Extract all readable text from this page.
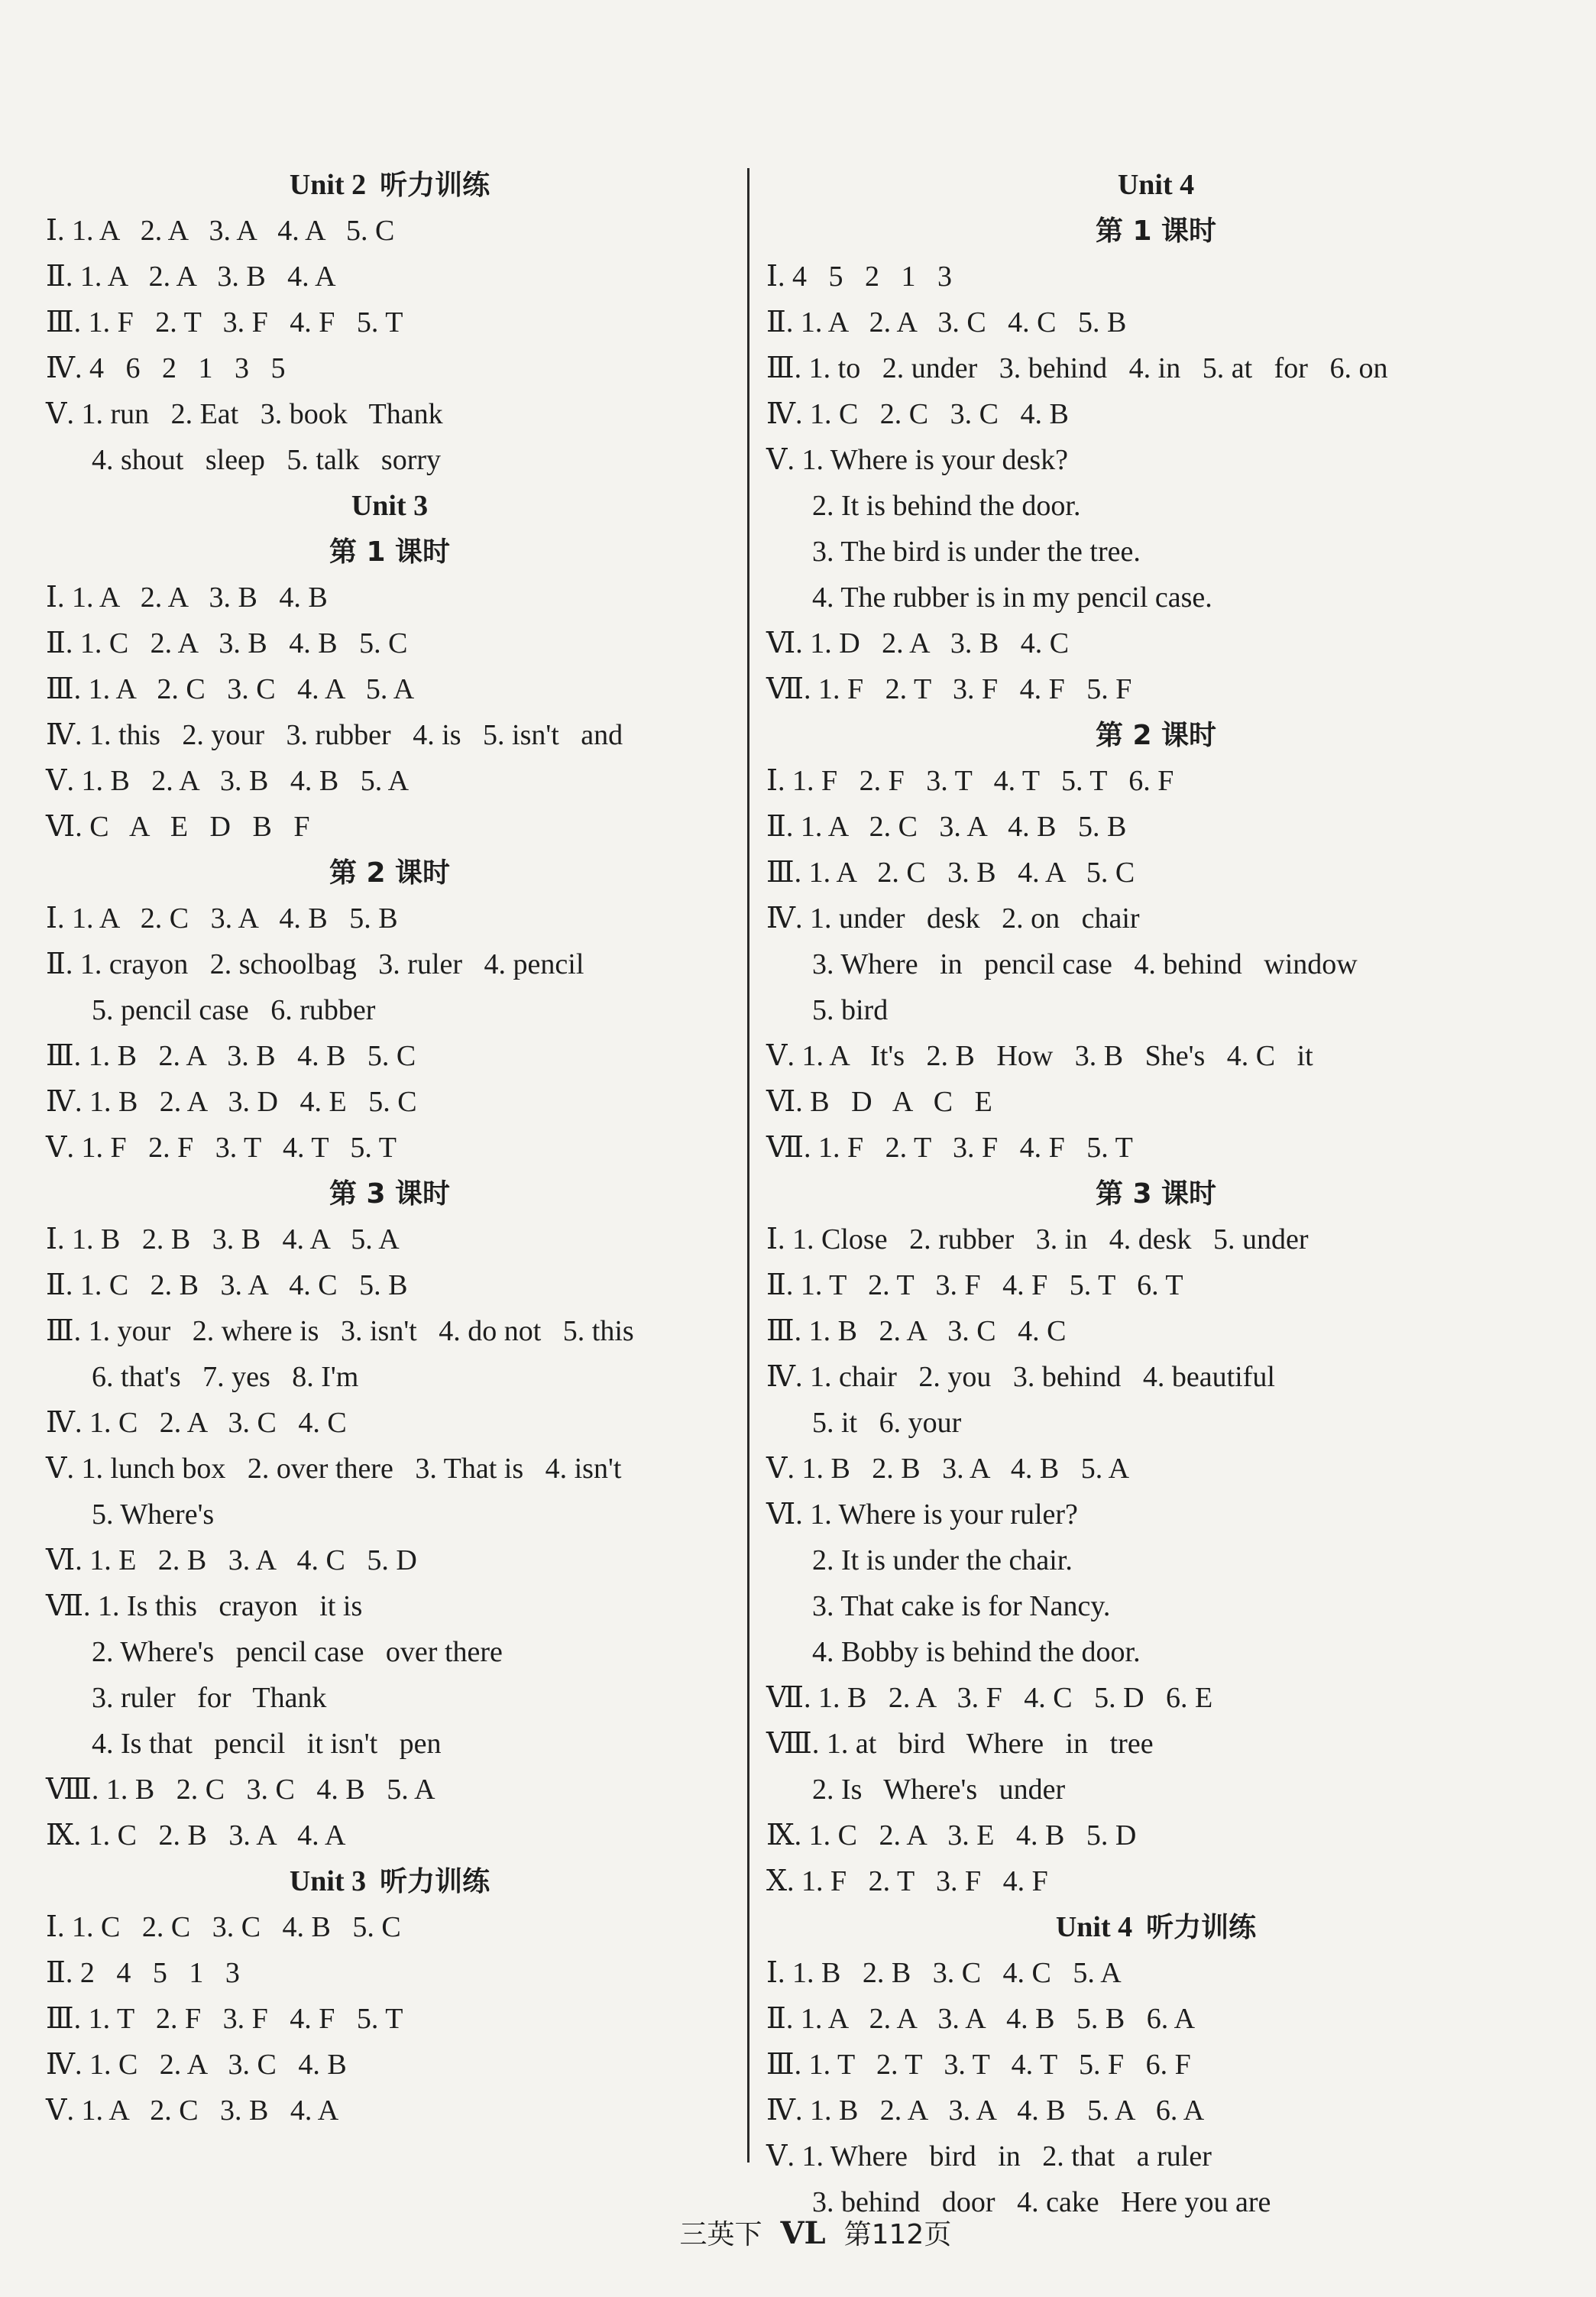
Unit 2 听力训练
Ⅰ. 1. A   2. A   3. A   4. A   5. C
Ⅱ. 1. A   2. A   3. B   4. A
Ⅲ. 1. F   2. T   3. F   4. F   5. T
Ⅳ. 4   6   2   1   3   5
Ⅴ. 1. run   2. Eat   3. book   Thank
4. shout   sleep   5. talk   sorry
Unit 3
第 1 课时
Ⅰ. 1. A   2. A   3. B   4. B
Ⅱ. 1. C   2. A   3. B   4. B   5. C
Ⅲ. 1. A   2. C   3. C   4. A   5. A
Ⅳ. 1. this   2. your   3. rubber   4. is   5. isn't   and
Ⅴ. 1. B   2. A   3. B   4. B   5. A
Ⅵ. C   A   E   D   B   F
第 2 课时
Ⅰ. 1. A   2. C   3. A   4. B   5. B
Ⅱ. 1. crayon   2. schoolbag   3. ruler   4. pencil
5. pencil case   6. rubber
Ⅲ. 1. B   2. A   3. B   4. B   5. C
Ⅳ. 1. B   2. A   3. D   4. E   5. C
Ⅴ. 1. F   2. F   3. T   4. T   5. T
第 3 课时
Ⅰ. 1. B   2. B   3. B   4. A   5. A
Ⅱ. 1. C   2. B   3. A   4. C   5. B
Ⅲ. 1. your   2. where is   3. isn't   4. do not   5. this
6. that's   7. yes   8. I'm
Ⅳ. 1. C   2. A   3. C   4. C
Ⅴ. 1. lunch box   2. over there   3. That is   4. isn't
5. Where's
Ⅵ. 1. E   2. B   3. A   4. C   5. D
Ⅶ. 1. Is this   crayon   it is
2. Where's   pencil case   over there
3. ruler   for   Thank
4. Is that   pencil   it isn't   pen
Ⅷ. 1. B   2. C   3. C   4. B   5. A
Ⅸ. 1. C   2. B   3. A   4. A
Unit 3 听力训练
Ⅰ. 1. C   2. C   3. C   4. B   5. C
Ⅱ. 2   4   5   1   3
Ⅲ. 1. T   2. F   3. F   4. F   5. T
Ⅳ. 1. C   2. A   3. C   4. B
Ⅴ. 1. A   2. C   3. B   4. A
Unit 4
第 1 课时
Ⅰ. 4   5   2   1   3
Ⅱ. 1. A   2. A   3. C   4. C   5. B
Ⅲ. 1. to   2. under   3. behind   4. in   5. at   for   6. on
Ⅳ. 1. C   2. C   3. C   4. B
Ⅴ. 1. Where is your desk?
2. It is behind the door.
3. The bird is under the tree.
4. The rubber is in my pencil case.
Ⅵ. 1. D   2. A   3. B   4. C
Ⅶ. 1. F   2. T   3. F   4. F   5. F
第 2 课时
Ⅰ. 1. F   2. F   3. T   4. T   5. T   6. F
Ⅱ. 1. A   2. C   3. A   4. B   5. B
Ⅲ. 1. A   2. C   3. B   4. A   5. C
Ⅳ. 1. under   desk   2. on   chair
3. Where   in   pencil case   4. behind   window
5. bird
Ⅴ. 1. A   It's   2. B   How   3. B   She's   4. C   it
Ⅵ. B   D   A   C   E
Ⅶ. 1. F   2. T   3. F   4. F   5. T
第 3 课时
Ⅰ. 1. Close   2. rubber   3. in   4. desk   5. under
Ⅱ. 1. T   2. T   3. F   4. F   5. T   6. T
Ⅲ. 1. B   2. A   3. C   4. C
Ⅳ. 1. chair   2. you   3. behind   4. beautiful
5. it   6. your
Ⅴ. 1. B   2. B   3. A   4. B   5. A
Ⅵ. 1. Where is your ruler?
2. It is under the chair.
3. That cake is for Nancy.
4. Bobby is behind the door.
Ⅶ. 1. B   2. A   3. F   4. C   5. D   6. E
Ⅷ. 1. at   bird   Where   in   tree
2. Is   Where's   under
Ⅸ. 1. C   2. A   3. E   4. B   5. D
Ⅹ. 1. F   2. T   3. F   4. F
Unit 4 听力训练
Ⅰ. 1. B   2. B   3. C   4. C   5. A
Ⅱ. 1. A   2. A   3. A   4. B   5. B   6. A
Ⅲ. 1. T   2. T   3. T   4. T   5. F   6. F
Ⅳ. 1. B   2. A   3. A   4. B   5. A   6. A
Ⅴ. 1. Where   bird   in   2. that   a ruler
3. behind   door   4. cake   Here you are

三英下 VL 第112页
